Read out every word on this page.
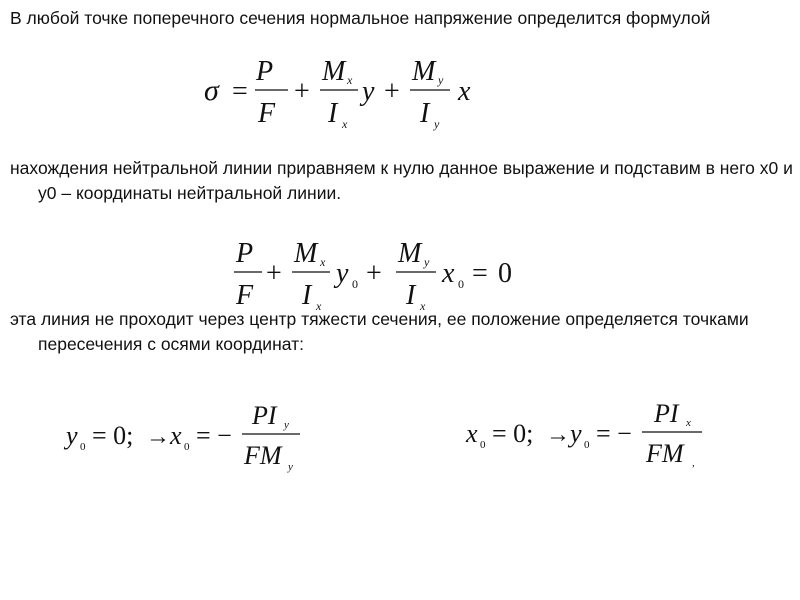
В любой точке поперечного сечения нормальное напряжение определится формулой

σ =
P
F
+
M x
I x
y +
M y
I y
x

нахождения нейтральной линии приравняем к нулю данное выражение и подставим в него x0 и y0 – координаты нейтральной линии.

P
F
+
M x
I x
y 0 +
M y
I x
x 0 = 0

эта линия не проходит через центр тяжести сечения, ее положение определяется точками пересечения с осями координат:

y 0 = 0; → x 0 = −
PI y
FM y
x 0 = 0; → y 0 = −
PI x
FM ,
